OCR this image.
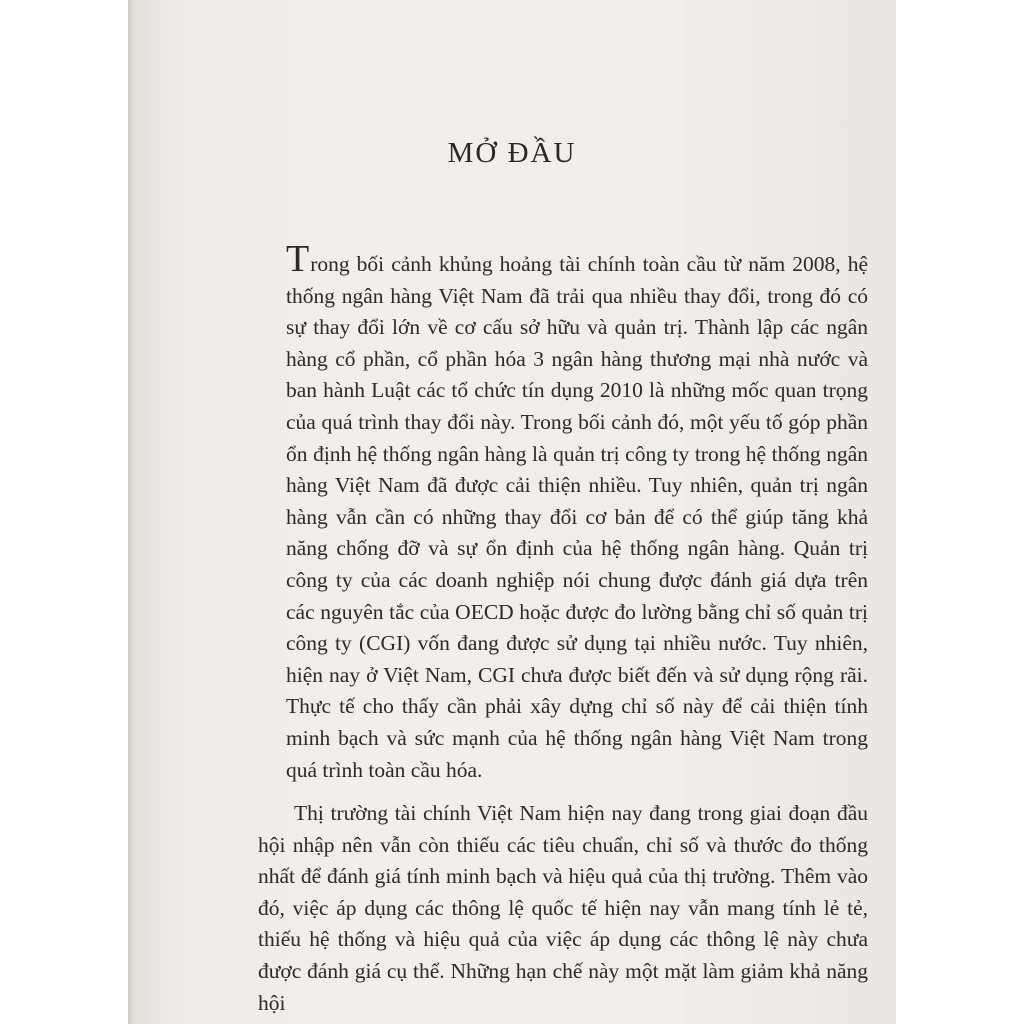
MỞ ĐẦU

Trong bối cảnh khủng hoảng tài chính toàn cầu từ năm 2008, hệ thống ngân hàng Việt Nam đã trải qua nhiều thay đổi, trong đó có sự thay đổi lớn về cơ cấu sở hữu và quản trị. Thành lập các ngân hàng cổ phần, cổ phần hóa 3 ngân hàng thương mại nhà nước và ban hành Luật các tổ chức tín dụng 2010 là những mốc quan trọng của quá trình thay đổi này. Trong bối cảnh đó, một yếu tố góp phần ổn định hệ thống ngân hàng là quản trị công ty trong hệ thống ngân hàng Việt Nam đã được cải thiện nhiều. Tuy nhiên, quản trị ngân hàng vẫn cần có những thay đổi cơ bản để có thể giúp tăng khả năng chống đỡ và sự ổn định của hệ thống ngân hàng. Quản trị công ty của các doanh nghiệp nói chung được đánh giá dựa trên các nguyên tắc của OECD hoặc được đo lường bằng chỉ số quản trị công ty (CGI) vốn đang được sử dụng tại nhiều nước. Tuy nhiên, hiện nay ở Việt Nam, CGI chưa được biết đến và sử dụng rộng rãi. Thực tế cho thấy cần phải xây dựng chỉ số này để cải thiện tính minh bạch và sức mạnh của hệ thống ngân hàng Việt Nam trong quá trình toàn cầu hóa.

Thị trường tài chính Việt Nam hiện nay đang trong giai đoạn đầu hội nhập nên vẫn còn thiếu các tiêu chuẩn, chỉ số và thước đo thống nhất để đánh giá tính minh bạch và hiệu quả của thị trường. Thêm vào đó, việc áp dụng các thông lệ quốc tế hiện nay vẫn mang tính lẻ tẻ, thiếu hệ thống và hiệu quả của việc áp dụng các thông lệ này chưa được đánh giá cụ thể. Những hạn chế này một mặt làm giảm khả năng hội
